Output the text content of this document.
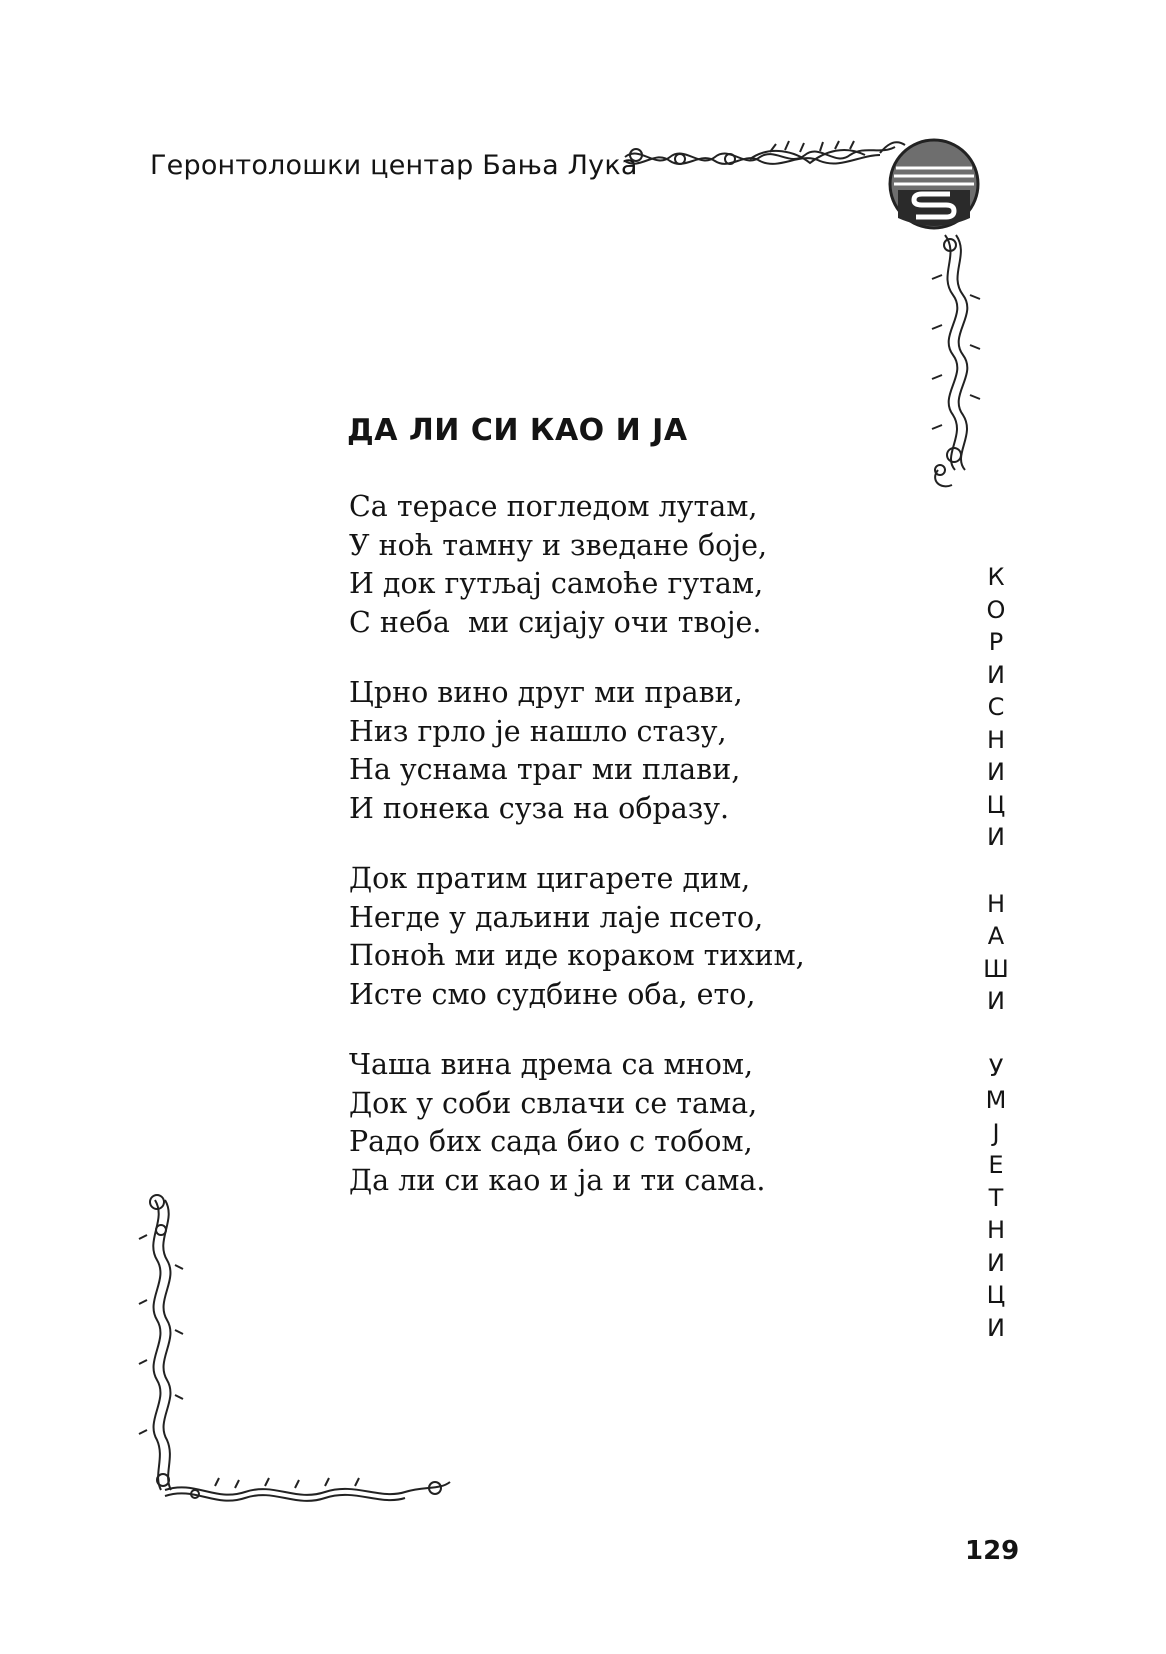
Геронтолошки центар Бања Лука
ДА ЛИ СИ КАО И ЈА
Са терасе погледом лутам,
У ноћ тамну и зведане боје,
И док гутљај самоће гутам,
С неба  ми сијају очи твоје.
Црно вино друг ми прави,
Низ грло је нашло стазу,
На уснама траг ми плави,
И понека суза на образу.
Док пратим цигарете дим,
Негде у даљини лаје псето,
Поноћ ми иде кораком тихим,
Исте смо судбине оба, ето,
Чаша вина дрема са мном,
Док у соби свлачи се тама,
Радо бих сада био с тобом,
Да ли си као и ја и ти сама.
К
О
Р
И
С
Н
И
Ц
И
Н
А
Ш
И
У
М
Ј
Е
Т
Н
И
Ц
И
129
